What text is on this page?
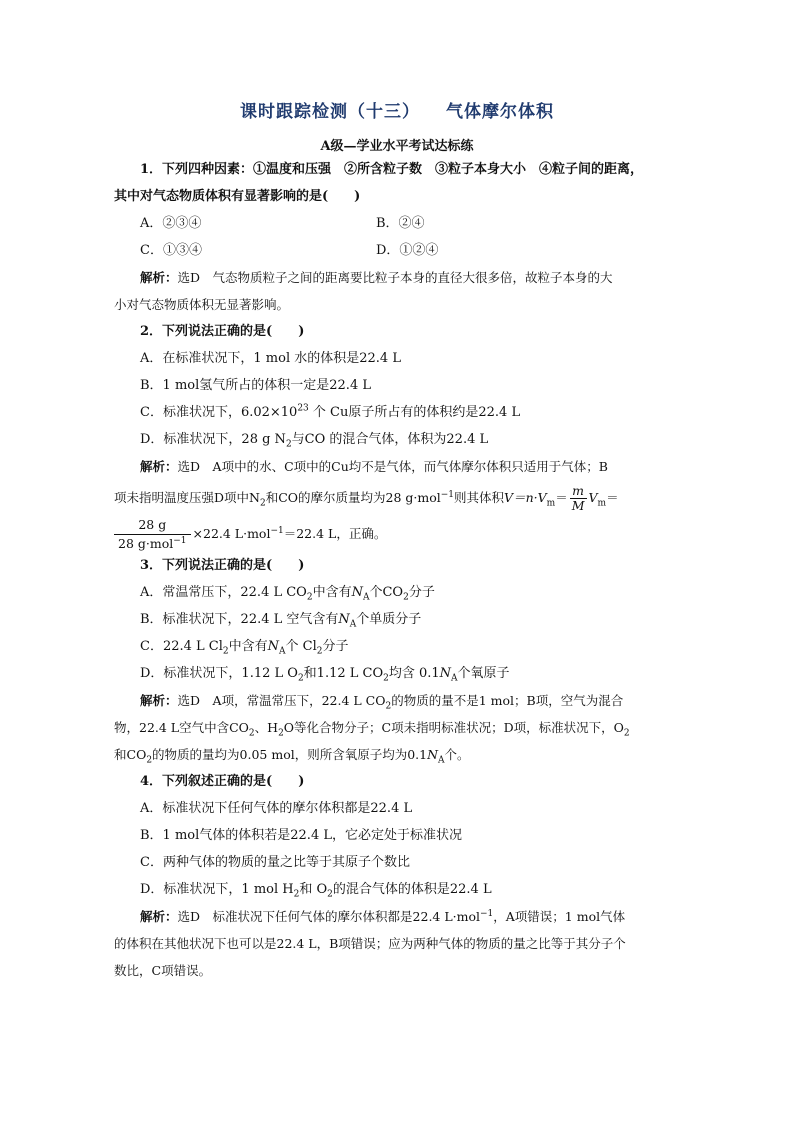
课时跟踪检测（十三） 气体摩尔体积
A级—学业水平考试达标练
1．下列四种因素：①温度和压强　②所含粒子数　③粒子本身大小　④粒子间的距离，
其中对气态物质体积有显著影响的是(　　)
A．②③④	B．②④
C．①③④	D．①②④
解析：选D　气态物质粒子之间的距离要比粒子本身的直径大很多倍，故粒子本身的大
小对气态物质体积无显著影响。
2．下列说法正确的是(　　)
A．在标准状况下，1 mol 水的体积是22.4 L
B．1 mol氢气所占的体积一定是22.4 L
C．标准状况下，$6.02\times 10^{23}$ 个 Cu原子所占有的体积约是22.4 L
D．标准状况下，28 g $N_2$与CO 的混合气体，体积为22.4 L
解析：选D　A项中的水、C项中的Cu均不是气体，而气体摩尔体积只适用于气体；B
项未指明温度压强D项中$N_2$和CO的摩尔质量均为28 g·mol$^{-1}$则其体积$V=n\cdot V_m= \frac{m}{M} V_m=$
28 g
28 g·mol$^{-1}$ ×22.4 L·mol$^{-1}$＝22.4 L，正确。
3．下列说法正确的是(　　)
A．常温常压下，22.4 L $CO_2$中含有$N_A$个$CO_2$分子
B．标准状况下，22.4 L 空气含有$N_A$个单质分子
C．22.4 L $Cl_2$中含有$N_A$个 $Cl_2$分子
D．标准状况下，1.12 L $O_2$和1.12 L $CO_2$均含 $0.1N_A$个氧原子
解析：选D　A项，常温常压下，22.4 L $CO_2$的物质的量不是1 mol；B项，空气为混合
物，22.4 L空气中含$CO_2$、$H_2O$等化合物分子；C项未指明标准状况；D项，标准状况下，$O_2$
和$CO_2$的物质的量均为0.05 mol，则所含氧原子均为$0.1N_A$个。
4．下列叙述正确的是(　　)
A．标准状况下任何气体的摩尔体积都是22.4 L
B．1 mol气体的体积若是22.4 L，它必定处于标准状况
C．两种气体的物质的量之比等于其原子个数比
D．标准状况下，1 mol $H_2$和 $O_2$的混合气体的体积是22.4 L
解析：选D　标准状况下任何气体的摩尔体积都是22.4 L·mol$^{-1}$，A项错误；1 mol气体
的体积在其他状况下也可以是22.4 L，B项错误；应为两种气体的物质的量之比等于其分子个
数比，C项错误。
